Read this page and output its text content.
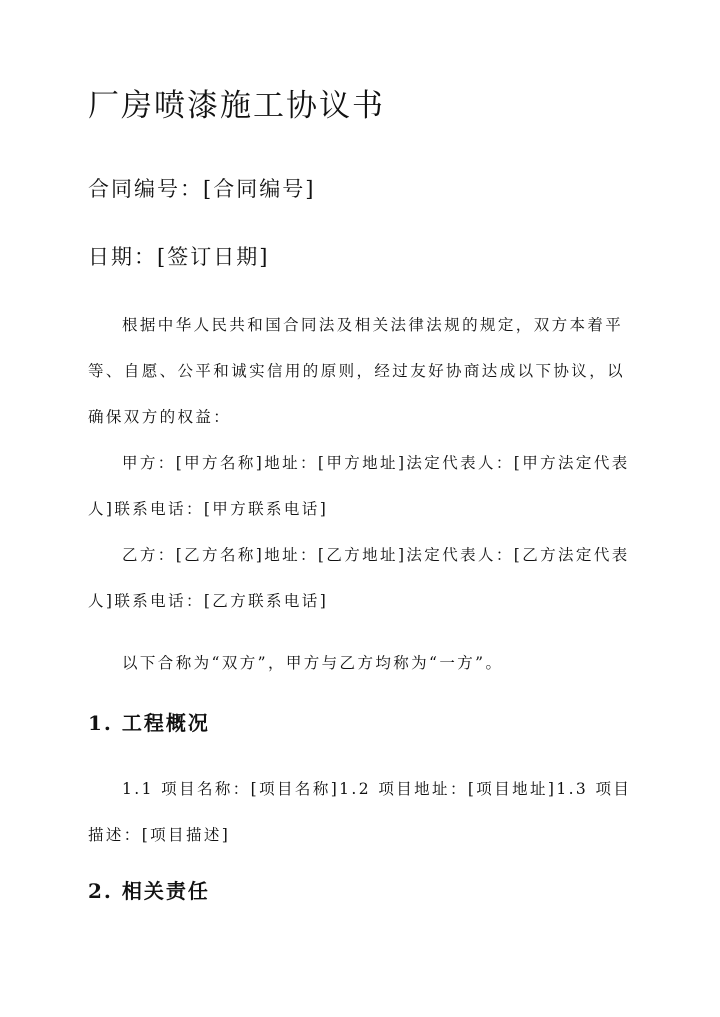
厂房喷漆施工协议书

合同编号：[合同编号]

日期：[签订日期]

根据中华人民共和国合同法及相关法律法规的规定，双方本着平等、自愿、公平和诚实信用的原则，经过友好协商达成以下协议，以确保双方的权益：

甲方：[甲方名称]地址：[甲方地址]法定代表人：[甲方法定代表人]联系电话：[甲方联系电话]

乙方：[乙方名称]地址：[乙方地址]法定代表人：[乙方法定代表人]联系电话：[乙方联系电话]

以下合称为“双方”，甲方与乙方均称为“一方”。

1. 工程概况

1.1 项目名称：[项目名称]1.2 项目地址：[项目地址]1.3 项目描述：[项目描述]

2. 相关责任
